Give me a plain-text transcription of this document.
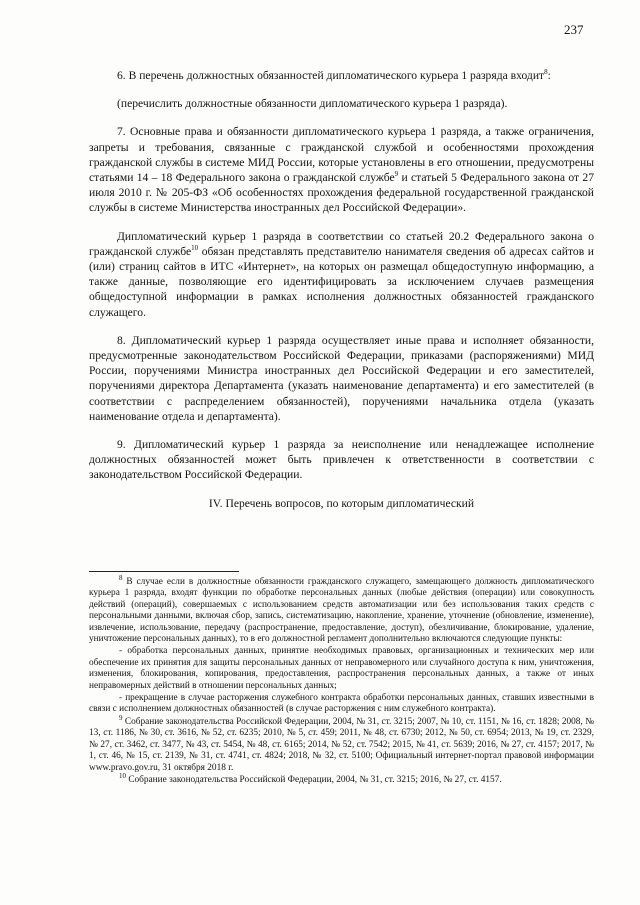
237

6. В перечень должностных обязанностей дипломатического курьера 1 разряда входит$^8$:

(перечислить должностные обязанности дипломатического курьера 1 разряда).

7. Основные права и обязанности дипломатического курьера 1 разряда, а также ограничения, запреты и требования, связанные с гражданской службой и особенностями прохождения гражданской службы в системе МИД России, которые установлены в его отношении, предусмотрены статьями 14 – 18 Федерального закона о гражданской службе$^9$ и статьей 5 Федерального закона от 27 июля 2010 г. № 205-ФЗ «Об особенностях прохождения федеральной государственной гражданской службы в системе Министерства иностранных дел Российской Федерации».

Дипломатический курьер 1 разряда в соответствии со статьей 20.2 Федерального закона о гражданской службе$^{10}$ обязан представлять представителю нанимателя сведения об адресах сайтов и (или) страниц сайтов в ИТС «Интернет», на которых он размещал общедоступную информацию, а также данные, позволяющие его идентифицировать за исключением случаев размещения общедоступной информации в рамках исполнения должностных обязанностей гражданского служащего.

8. Дипломатический курьер 1 разряда осуществляет иные права и исполняет обязанности, предусмотренные законодательством Российской Федерации, приказами (распоряжениями) МИД России, поручениями Министра иностранных дел Российской Федерации и его заместителей, поручениями директора Департамента (указать наименование департамента) и его заместителей (в соответствии с распределением обязанностей), поручениями начальника отдела (указать наименование отдела и департамента).

9. Дипломатический курьер 1 разряда за неисполнение или ненадлежащее исполнение должностных обязанностей может быть привлечен к ответственности в соответствии с законодательством Российской Федерации.

IV. Перечень вопросов, по которым дипломатический

$^8$ В случае если в должностные обязанности гражданского служащего, замещающего должность дипломатического курьера 1 разряда, входят функции по обработке персональных данных (любые действия (операции) или совокупность действий (операций), совершаемых с использованием средств автоматизации или без использования таких средств с персональными данными, включая сбор, запись, систематизацию, накопление, хранение, уточнение (обновление, изменение), извлечение, использование, передачу (распространение, предоставление, доступ), обезличивание, блокирование, удаление, уничтожение персональных данных), то в его должностной регламент дополнительно включаются следующие пункты:

- обработка персональных данных, принятие необходимых правовых, организационных и технических мер или обеспечение их принятия для защиты персональных данных от неправомерного или случайного доступа к ним, уничтожения, изменения, блокирования, копирования, предоставления, распространения персональных данных, а также от иных неправомерных действий в отношении персональных данных;

- прекращение в случае расторжения служебного контракта обработки персональных данных, ставших известными в связи с исполнением должностных обязанностей (в случае расторжения с ним служебного контракта).

$^9$ Собрание законодательства Российской Федерации, 2004, № 31, ст. 3215; 2007, № 10, ст. 1151, № 16, ст. 1828; 2008, № 13, ст. 1186, № 30, ст. 3616, № 52, ст. 6235; 2010, № 5, ст. 459; 2011, № 48, ст. 6730; 2012, № 50, ст. 6954; 2013, № 19, ст. 2329, № 27, ст. 3462, ст. 3477, № 43, ст. 5454, № 48, ст. 6165; 2014, № 52, ст. 7542; 2015, № 41, ст. 5639; 2016, № 27, ст. 4157; 2017, № 1, ст. 46, № 15, ст. 2139, № 31, ст. 4741, ст. 4824; 2018, № 32, ст. 5100; Официальный интернет-портал правовой информации www.pravo.gov.ru, 31 октября 2018 г.

$^{10}$ Собрание законодательства Российской Федерации, 2004, № 31, ст. 3215; 2016, № 27, ст. 4157.
